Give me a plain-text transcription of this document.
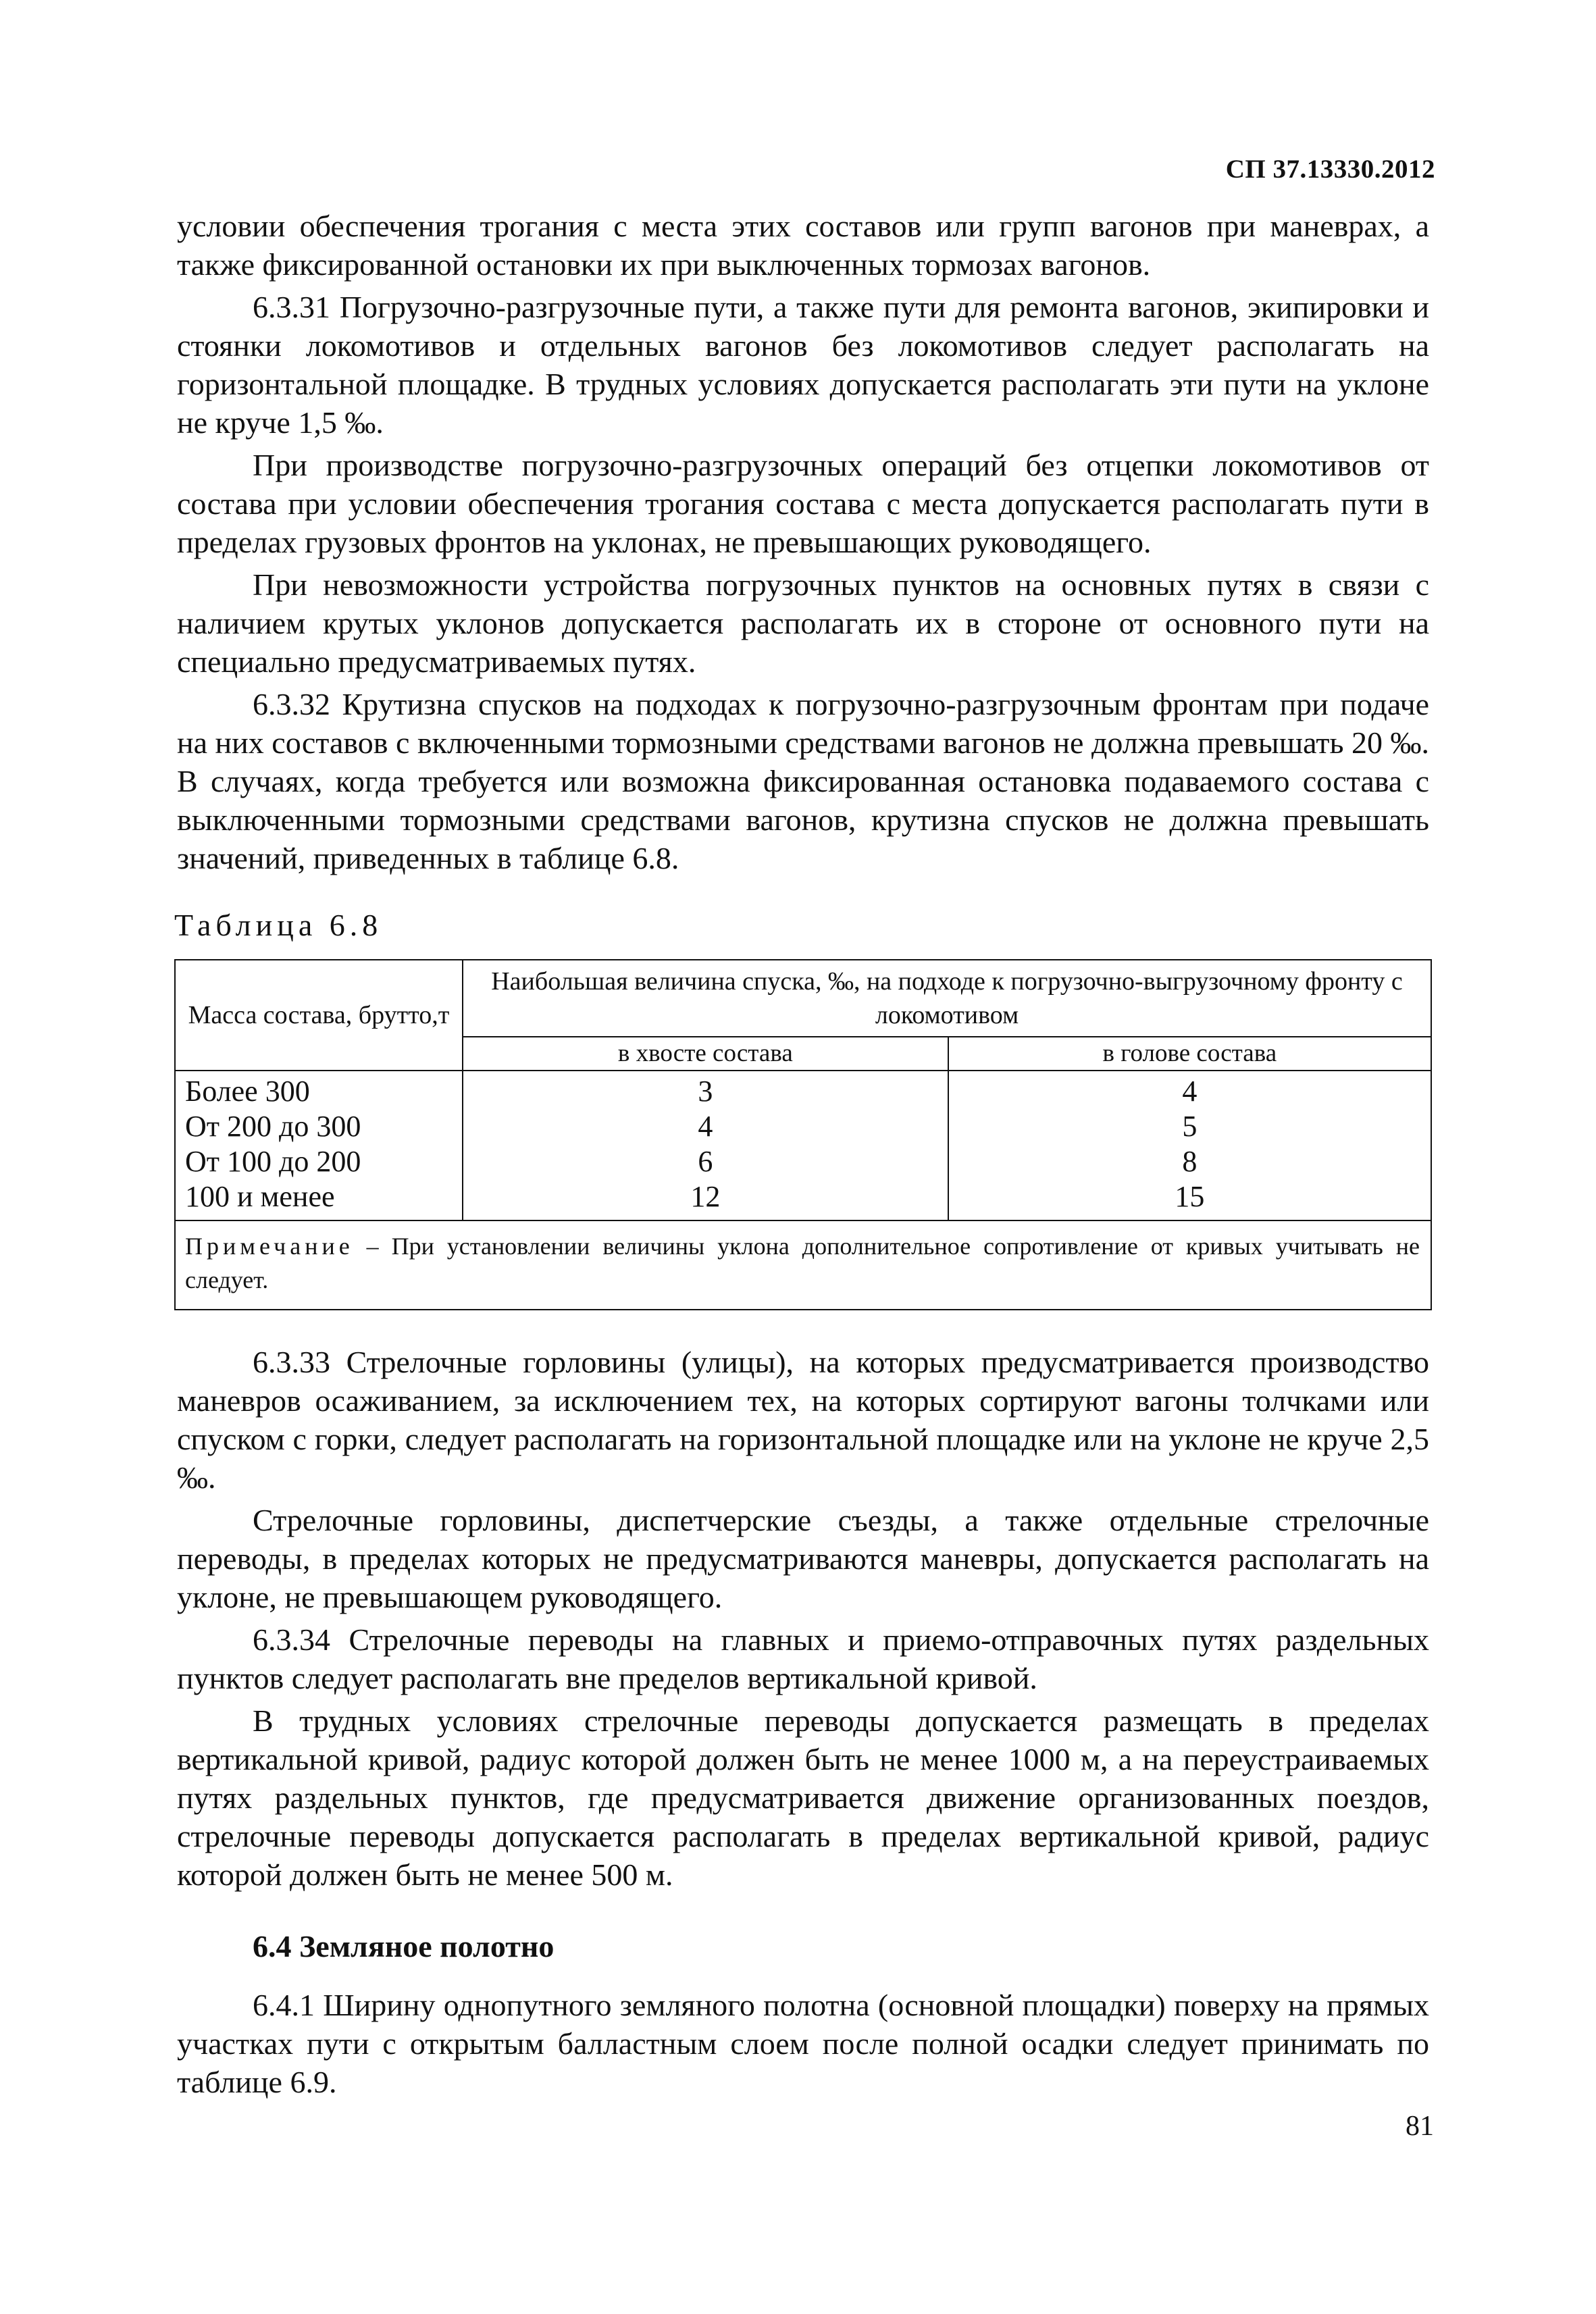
СП 37.13330.2012

условии обеспечения трогания с места этих составов или групп вагонов при маневрах, а также фиксированной остановки их при выключенных тормозах вагонов.

6.3.31 Погрузочно-разгрузочные пути, а также пути для ремонта вагонов, экипировки и стоянки локомотивов и отдельных вагонов без локомотивов следует располагать на горизонтальной площадке. В трудных условиях допускается располагать эти пути на уклоне не круче 1,5 ‰.

При производстве погрузочно-разгрузочных операций без отцепки локомотивов от состава при условии обеспечения трогания состава с места допускается располагать пути в пределах грузовых фронтов на уклонах, не превышающих руководящего.

При невозможности устройства погрузочных пунктов на основных путях в связи с наличием крутых уклонов допускается располагать их в стороне от основного пути на специально предусматриваемых путях.

6.3.32 Крутизна спусков на подходах к погрузочно-разгрузочным фронтам при подаче на них составов с включенными тормозными средствами вагонов не должна превышать 20 ‰. В случаях, когда требуется или возможна фиксированная остановка подаваемого состава с выключенными тормозными средствами вагонов, крутизна спусков не должна превышать значений, приведенных в таблице 6.8.

Таблица 6.8
Масса состава, брутто,т	Наибольшая величина спуска, ‰, на подходе к погрузочно-выгрузочному фронту с локомотивом	
	в хвосте состава	в голове состава
Более 300	3	4
От 200 до 300	4	5
От 100 до 200	6	8
100 и менее	12	15
Примечание – При установлении величины уклона дополнительное сопротивление от кривых учитывать не следует.		

6.3.33 Стрелочные горловины (улицы), на которых предусматривается производство маневров осаживанием, за исключением тех, на которых сортируют вагоны толчками или спуском с горки, следует располагать на горизонтальной площадке или на уклоне не круче 2,5 ‰.

Стрелочные горловины, диспетчерские съезды, а также отдельные стрелочные переводы, в пределах которых не предусматриваются маневры, допускается располагать на уклоне, не превышающем руководящего.

6.3.34 Стрелочные переводы на главных и приемо-отправочных путях раздельных пунктов следует располагать вне пределов вертикальной кривой.

В трудных условиях стрелочные переводы допускается размещать в пределах вертикальной кривой, радиус которой должен быть не менее 1000 м, а на переустраиваемых путях раздельных пунктов, где предусматривается движение организованных поездов, стрелочные переводы допускается располагать в пределах вертикальной кривой, радиус которой должен быть не менее 500 м.

6.4 Земляное полотно

6.4.1 Ширину однопутного земляного полотна (основной площадки) поверху на прямых участках пути с открытым балластным слоем после полной осадки следует принимать по таблице 6.9.

81
